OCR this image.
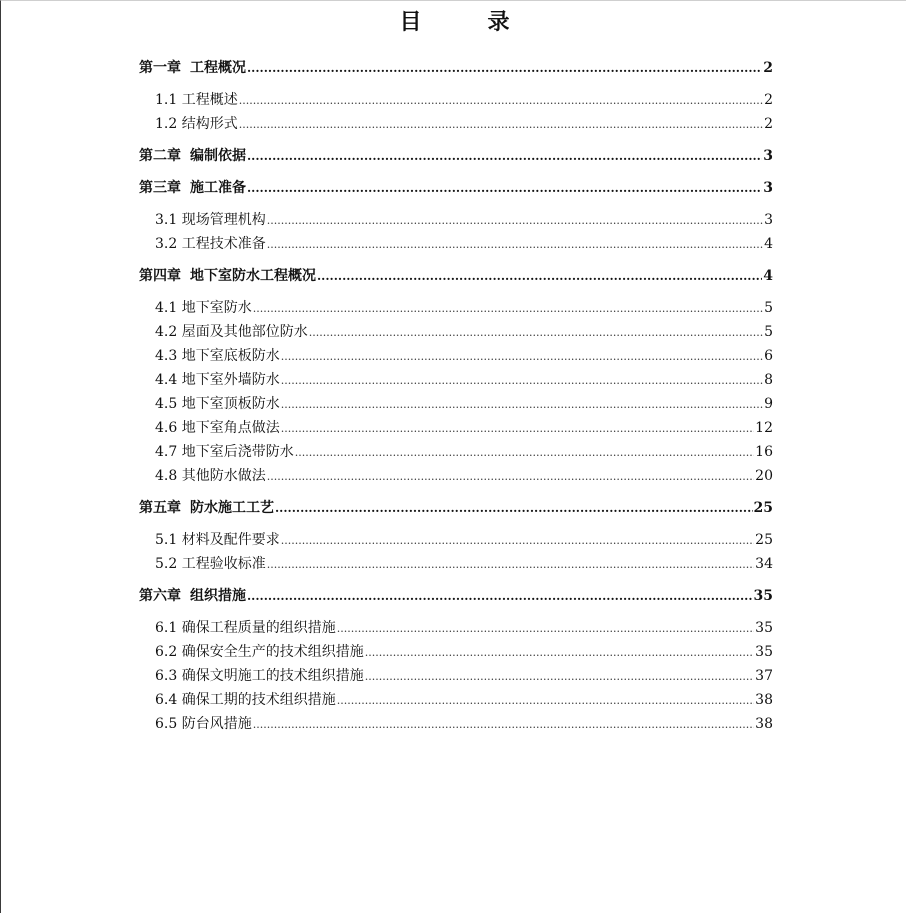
目　录
第一章 工程概况 .....	2
1.1 工程概述 .....	2
1.2 结构形式 .....	2
第二章 编制依据 .....	3
第三章 施工准备 .....	3
3.1 现场管理机构 .....	3
3.2 工程技术准备 .....	4
第四章 地下室防水工程概况 .....	4
4.1 地下室防水 .....	5
4.2 屋面及其他部位防水 .....	5
4.3 地下室底板防水 .....	6
4.4 地下室外墙防水 .....	8
4.5 地下室顶板防水 .....	9
4.6 地下室角点做法 .....	12
4.7 地下室后浇带防水 .....	16
4.8 其他防水做法 .....	20
第五章 防水施工工艺 .....	25
5.1 材料及配件要求 .....	25
5.2 工程验收标准 .....	34
第六章 组织措施 .....	35
6.1 确保工程质量的组织措施 .....	35
6.2 确保安全生产的技术组织措施 .....	35
6.3 确保文明施工的技术组织措施 .....	37
6.4 确保工期的技术组织措施 .....	38
6.5 防台风措施 .....	38
